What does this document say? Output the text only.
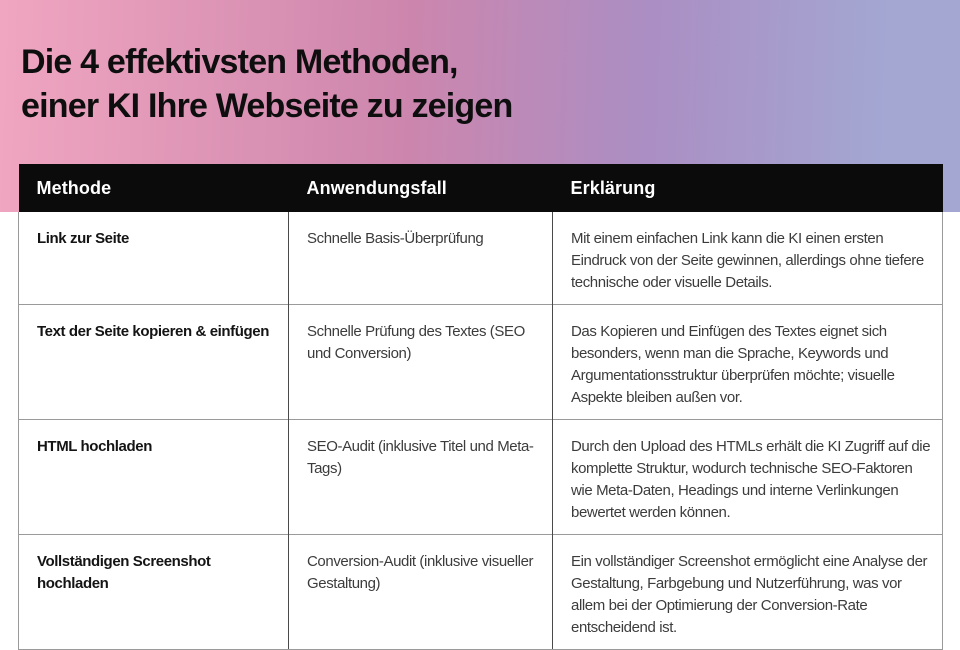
Die 4 effektivsten Methoden,
einer KI Ihre Webseite zu zeigen
Methode	Anwendungsfall	Erklärung
Link zur Seite	Schnelle Basis-Überprüfung	Mit einem einfachen Link kann die KI einen ersten Eindruck von der Seite gewinnen, allerdings ohne tiefere technische oder visuelle Details.
Text der Seite kopieren & einfügen	Schnelle Prüfung des Textes (SEO und Conversion)	Das Kopieren und Einfügen des Textes eignet sich besonders, wenn man die Sprache, Keywords und Argumentationsstruktur überprüfen möchte; visuelle Aspekte bleiben außen vor.
HTML hochladen	SEO-Audit (inklusive Titel und Meta-Tags)	Durch den Upload des HTMLs erhält die KI Zugriff auf die komplette Struktur, wodurch technische SEO-Faktoren wie Meta-Daten, Headings und interne Verlinkungen bewertet werden können.
Vollständigen Screenshot hochladen	Conversion-Audit (inklusive visueller Gestaltung)	Ein vollständiger Screenshot ermöglicht eine Analyse der Gestaltung, Farbgebung und Nutzerführung, was vor allem bei der Optimierung der Conversion-Rate entscheidend ist.
